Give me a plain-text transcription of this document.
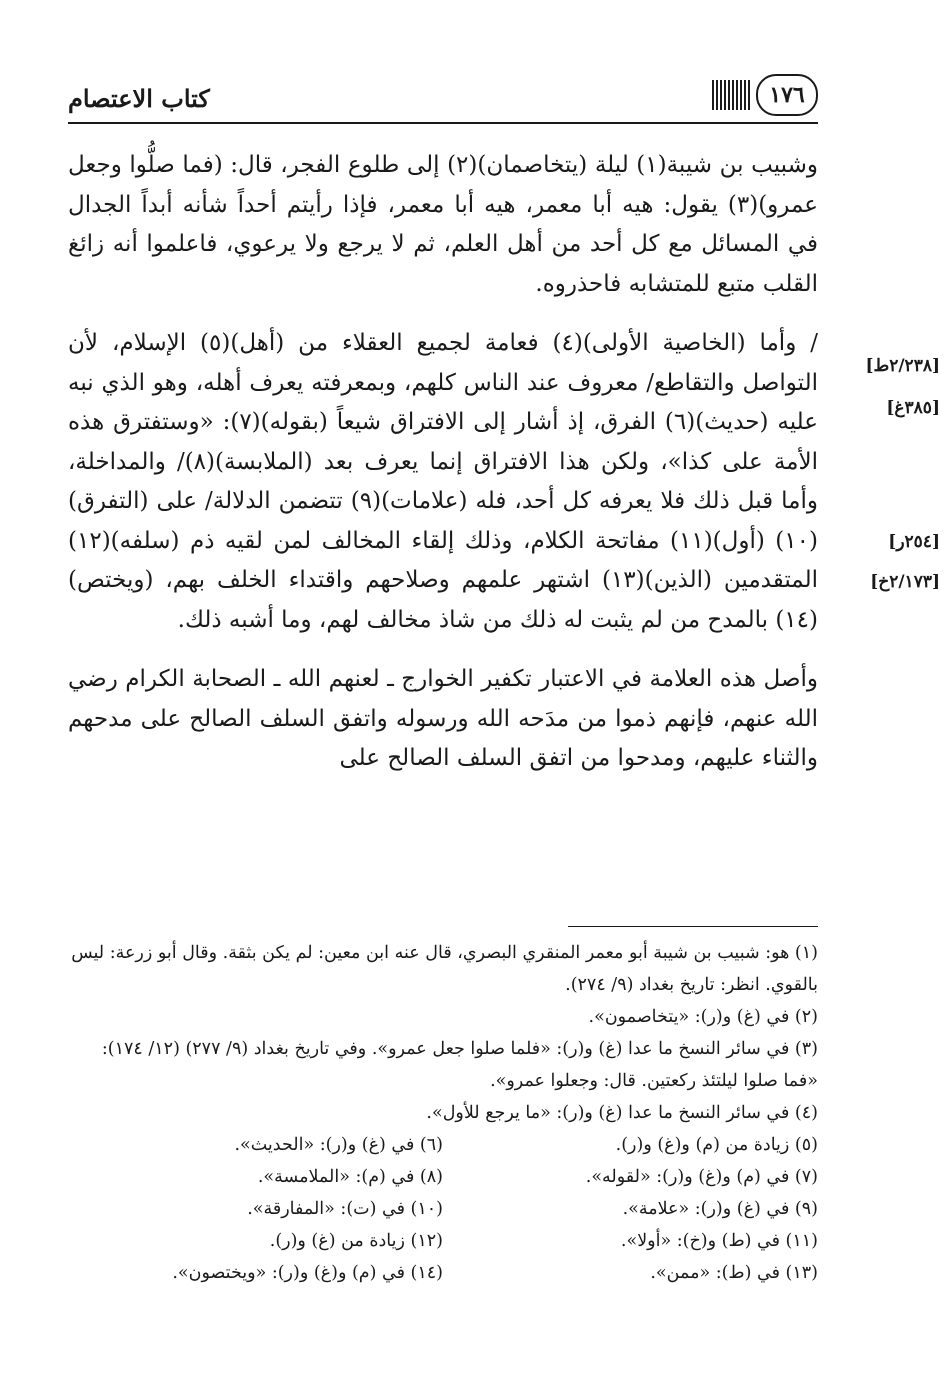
كتاب الاعتصام	١٧٦

وشبيب بن شيبة(١) ليلة (يتخاصمان)(٢) إلى طلوع الفجر، قال: (فما صلُّوا وجعل عمرو)(٣) يقول: هيه أبا معمر، هيه أبا معمر، فإذا رأيتم أحداً شأنه أبداً الجدال في المسائل مع كل أحد من أهل العلم، ثم لا يرجع ولا يرعوي، فاعلموا أنه زائغ القلب متبع للمتشابه فاحذروه.

/ وأما (الخاصية الأولى)(٤) فعامة لجميع العقلاء من (أهل)(٥) الإسلام، لأن التواصل والتقاطع/ معروف عند الناس كلهم، وبمعرفته يعرف أهله، وهو الذي نبه عليه (حديث)(٦) الفرق، إذ أشار إلى الافتراق شيعاً (بقوله)(٧): «وستفترق هذه الأمة على كذا»، ولكن هذا الافتراق إنما يعرف بعد (الملابسة)(٨)/ والمداخلة، وأما قبل ذلك فلا يعرفه كل أحد، فله (علامات)(٩) تتضمن الدلالة/ على (التفرق)(١٠) (أول)(١١) مفاتحة الكلام، وذلك إلقاء المخالف لمن لقيه ذم (سلفه)(١٢) المتقدمين (الذين)(١٣) اشتهر علمهم وصلاحهم واقتداء الخلف بهم، (ويختص)(١٤) بالمدح من لم يثبت له ذلك من شاذ مخالف لهم، وما أشبه ذلك.

وأصل هذه العلامة في الاعتبار تكفير الخوارج ـ لعنهم الله ـ الصحابة الكرام رضي الله عنهم، فإنهم ذموا من مدَحه الله ورسوله واتفق السلف الصالح على مدحهم والثناء عليهم، ومدحوا من اتفق السلف الصالح على

[٢/٢٣٨ط]
[٣٨٥غ]
[٢٥٤ر]
[٢/١٧٣خ]

(١) هو: شبيب بن شيبة أبو معمر المنقري البصري، قال عنه ابن معين: لم يكن بثقة. وقال أبو زرعة: ليس بالقوي. انظر: تاريخ بغداد (٩/ ٢٧٤).

(٢) في (غ) و(ر): «يتخاصمون».

(٣) في سائر النسخ ما عدا (غ) و(ر): «فلما صلوا جعل عمرو». وفي تاريخ بغداد (٩/ ٢٧٧) (١٢/ ١٧٤): «فما صلوا ليلتئذ ركعتين. قال: وجعلوا عمرو».

(٤) في سائر النسخ ما عدا (غ) و(ر): «ما يرجع للأول».

(٥) زيادة من (م) و(غ) و(ر).

(٦) في (غ) و(ر): «الحديث».

(٧) في (م) و(غ) و(ر): «لقوله».

(٨) في (م): «الملامسة».

(٩) في (غ) و(ر): «علامة».

(١٠) في (ت): «المفارقة».

(١١) في (ط) و(خ): «أولا».

(١٢) زيادة من (غ) و(ر).

(١٣) في (ط): «ممن».

(١٤) في (م) و(غ) و(ر): «ويختصون».
